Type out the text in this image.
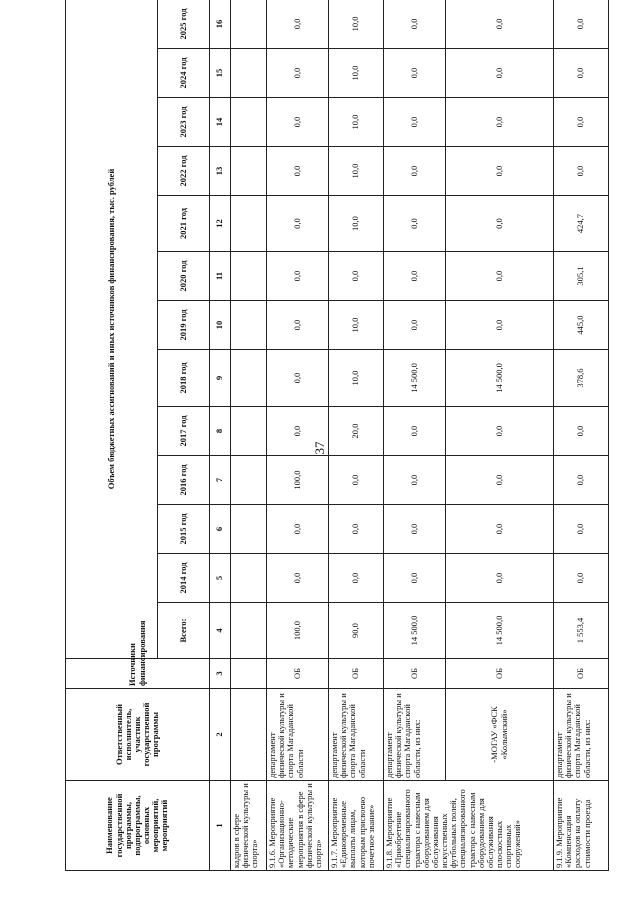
37
Наименование государственной программы, подпрограммы, основных мероприятий, мероприятий	Ответственный исполнитель, участник государственной программы	Источники финансирования	Объем бюджетных ассигнований и иных источников финансирования, тыс. рублей												
			Всего:	2014 год	2015 год	2016 год	2017 год	2018 год	2019 год	2020 год	2021 год	2022 год	2023 год	2024 год	2025 год
1	2	3	4	5	6	7	8	9	10	11	12	13	14	15	16
кадров в сфере физической культуры и спорта»															
9.1.6. Мероприятие «Организационно-методические мероприятия в сфере физической культуры и спорта»	департамент физической культуры и спорта Магаданской области	ОБ	100,0	0,0	0,0	100,0	0,0	0,0	0,0	0,0	0,0	0,0	0,0	0,0	0,0
9.1.7. Мероприятие «Единовременные выплаты лицам, которым присвоено почетное звание»	департамент физической культуры и спорта Магаданской области	ОБ	90,0	0,0	0,0	0,0	20,0	10,0	10,0	0,0	10,0	10,0	10,0	10,0	10,0
9.1.8. Мероприятие «Приобретение специализированного трактора с навесным оборудованием для обслуживания искусственных футбольных полей, специализированного трактора с навесным оборудованием для обслуживания плоскостных спортивных сооружений»	департамент физической культуры и спорта Магаданской области, из них:	ОБ	14 500,0	0,0	0,0	0,0	0,0	14 500,0	0,0	0,0	0,0	0,0	0,0	0,0	0,0
	-МОГАУ «ФСК «Колымский»	ОБ	14 500,0	0,0	0,0	0,0	0,0	14 500,0	0,0	0,0	0,0	0,0	0,0	0,0	0,0
9.1.9. Мероприятие «Компенсация расходов на оплату стоимости проезда	департамент физической культуры и спорта Магаданской области, из них:	ОБ	1 553,4	0,0	0,0	0,0	0,0	378,6	445,0	305,1	424,7	0,0	0,0	0,0	0,0
